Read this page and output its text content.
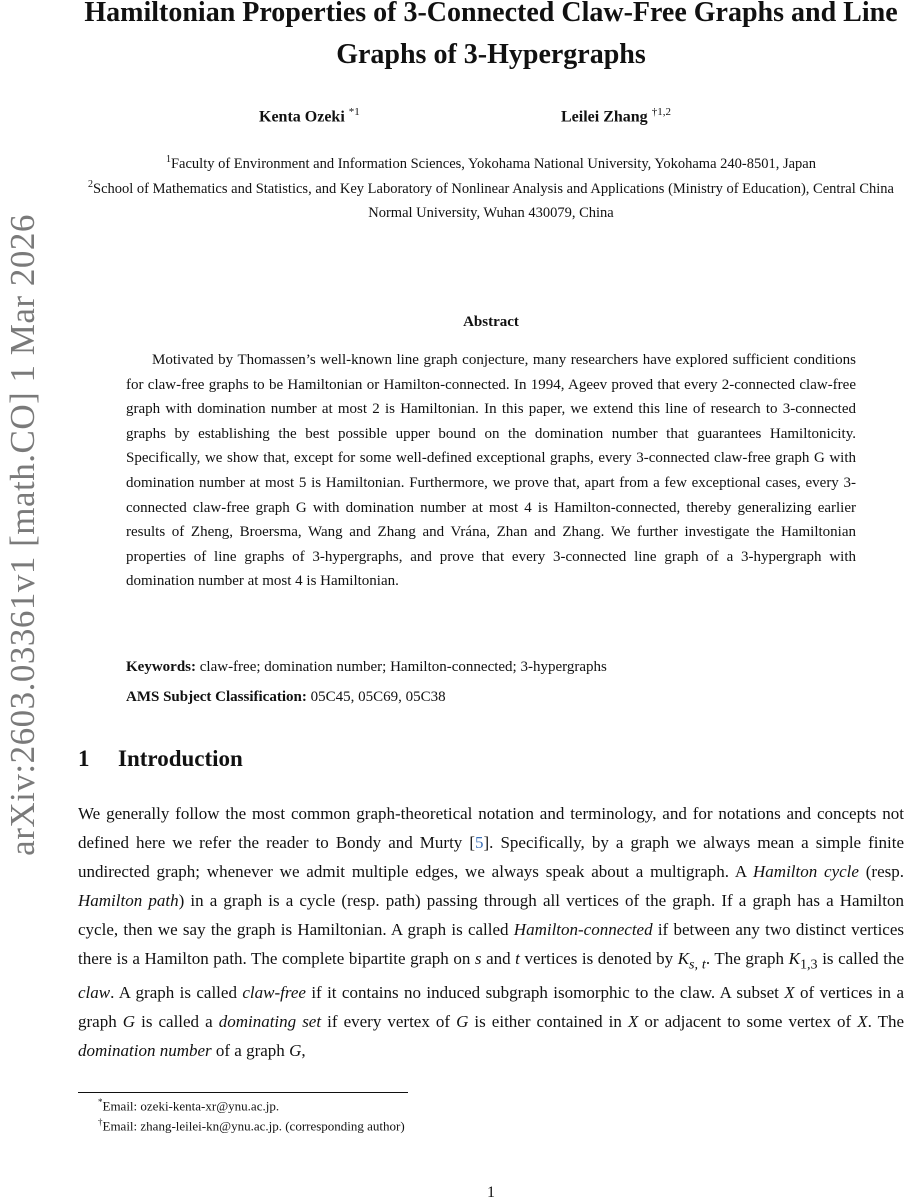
arXiv:2603.03361v1 [math.CO] 1 Mar 2026
Hamiltonian Properties of 3-Connected Claw-Free Graphs and Line Graphs of 3-Hypergraphs
Kenta Ozeki $^{*1}$	Leilei Zhang $^{\dagger 1,2}$
$^1$Faculty of Environment and Information Sciences, Yokohama National University, Yokohama 240-8501, Japan
$^2$School of Mathematics and Statistics, and Key Laboratory of Nonlinear Analysis and Applications (Ministry of Education), Central China Normal University, Wuhan 430079, China
Abstract
Motivated by Thomassen’s well-known line graph conjecture, many researchers have explored sufficient conditions for claw-free graphs to be Hamiltonian or Hamilton-connected. In 1994, Ageev proved that every 2-connected claw-free graph with domination number at most 2 is Hamiltonian. In this paper, we extend this line of research to 3-connected graphs by establishing the best possible upper bound on the domination number that guarantees Hamiltonicity. Specifically, we show that, except for some well-defined exceptional graphs, every 3-connected claw-free graph G with domination number at most 5 is Hamiltonian. Furthermore, we prove that, apart from a few exceptional cases, every 3-connected claw-free graph G with domination number at most 4 is Hamilton-connected, thereby generalizing earlier results of Zheng, Broersma, Wang and Zhang and Vrána, Zhan and Zhang. We further investigate the Hamiltonian properties of line graphs of 3-hypergraphs, and prove that every 3-connected line graph of a 3-hypergraph with domination number at most 4 is Hamiltonian.
Keywords: claw-free; domination number; Hamilton-connected; 3-hypergraphs
AMS Subject Classification: 05C45, 05C69, 05C38
1 Introduction
We generally follow the most common graph-theoretical notation and terminology, and for notations and concepts not defined here we refer the reader to Bondy and Murty [5]. Specifically, by a graph we always mean a simple finite undirected graph; whenever we admit multiple edges, we always speak about a multigraph. A Hamilton cycle (resp. Hamilton path) in a graph is a cycle (resp. path) passing through all vertices of the graph. If a graph has a Hamilton cycle, then we say the graph is Hamiltonian. A graph is called Hamilton-connected if between any two distinct vertices there is a Hamilton path. The complete bipartite graph on s and t vertices is denoted by $K_{s, t}$. The graph $K_{1,3}$ is called the claw. A graph is called claw-free if it contains no induced subgraph isomorphic to the claw. A subset X of vertices in a graph G is called a dominating set if every vertex of G is either contained in X or adjacent to some vertex of X. The domination number of a graph G,
*Email: ozeki-kenta-xr@ynu.ac.jp.
†Email: zhang-leilei-kn@ynu.ac.jp. (corresponding author)
1
